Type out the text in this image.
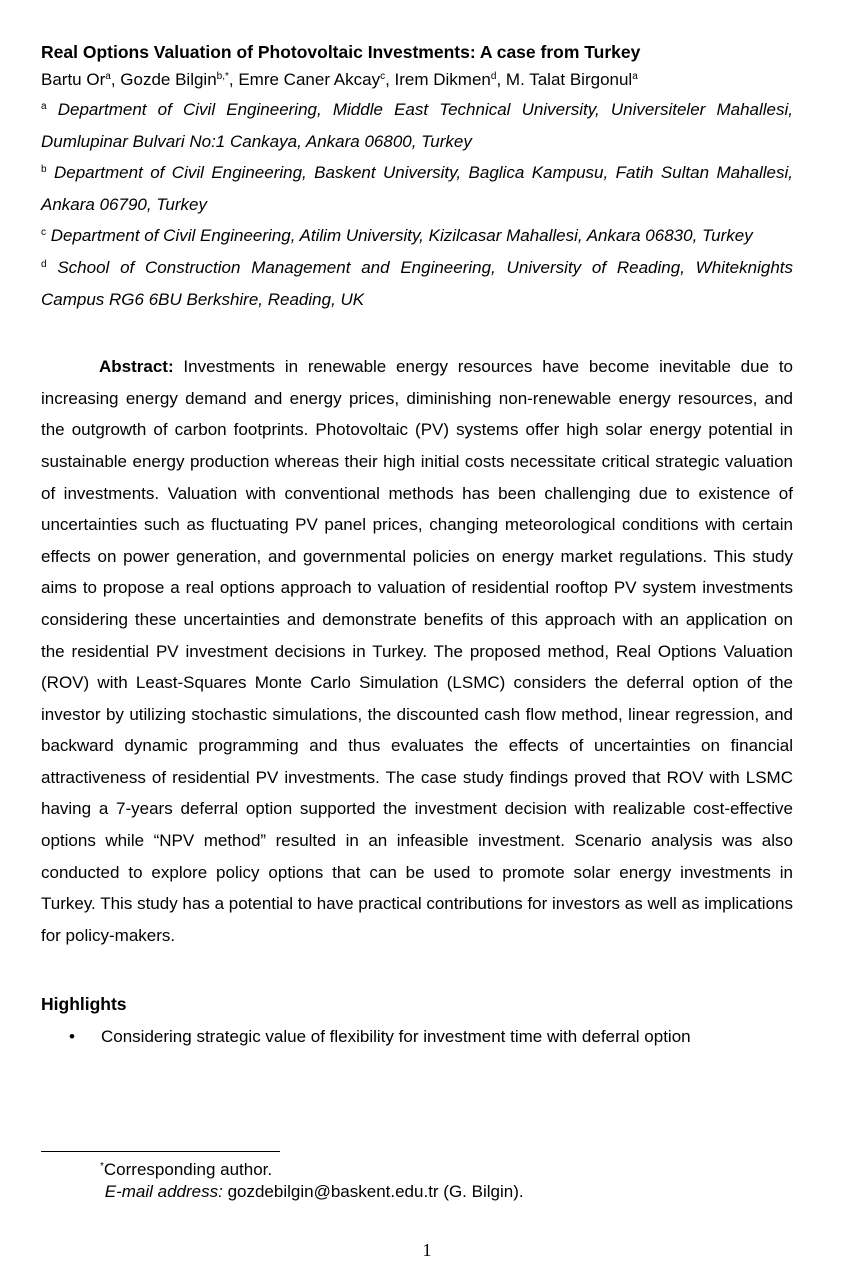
Real Options Valuation of Photovoltaic Investments: A case from Turkey

Bartu Or$^a$, Gozde Bilgin$^{b,*}$, Emre Caner Akcay$^c$, Irem Dikmen$^d$, M. Talat Birgonul$^a$

$^a$ Department of Civil Engineering, Middle East Technical University, Universiteler Mahallesi, Dumlupinar Bulvari No:1 Cankaya, Ankara 06800, Turkey

$^b$ Department of Civil Engineering, Baskent University, Baglica Kampusu, Fatih Sultan Mahallesi, Ankara 06790, Turkey

$^c$ Department of Civil Engineering, Atilim University, Kizilcasar Mahallesi, Ankara 06830, Turkey

$^d$ School of Construction Management and Engineering, University of Reading, Whiteknights Campus RG6 6BU Berkshire, Reading, UK

Abstract: Investments in renewable energy resources have become inevitable due to increasing energy demand and energy prices, diminishing non-renewable energy resources, and the outgrowth of carbon footprints. Photovoltaic (PV) systems offer high solar energy potential in sustainable energy production whereas their high initial costs necessitate critical strategic valuation of investments. Valuation with conventional methods has been challenging due to existence of uncertainties such as fluctuating PV panel prices, changing meteorological conditions with certain effects on power generation, and governmental policies on energy market regulations. This study aims to propose a real options approach to valuation of residential rooftop PV system investments considering these uncertainties and demonstrate benefits of this approach with an application on the residential PV investment decisions in Turkey. The proposed method, Real Options Valuation (ROV) with Least-Squares Monte Carlo Simulation (LSMC) considers the deferral option of the investor by utilizing stochastic simulations, the discounted cash flow method, linear regression, and backward dynamic programming and thus evaluates the effects of uncertainties on financial attractiveness of residential PV investments. The case study findings proved that ROV with LSMC having a 7-years deferral option supported the investment decision with realizable cost-effective options while “NPV method” resulted in an infeasible investment. Scenario analysis was also conducted to explore policy options that can be used to promote solar energy investments in Turkey. This study has a potential to have practical contributions for investors as well as implications for policy-makers.

Highlights
• Considering strategic value of flexibility for investment time with deferral option
*Corresponding author.
E-mail address: gozdebilgin@baskent.edu.tr (G. Bilgin).
1
